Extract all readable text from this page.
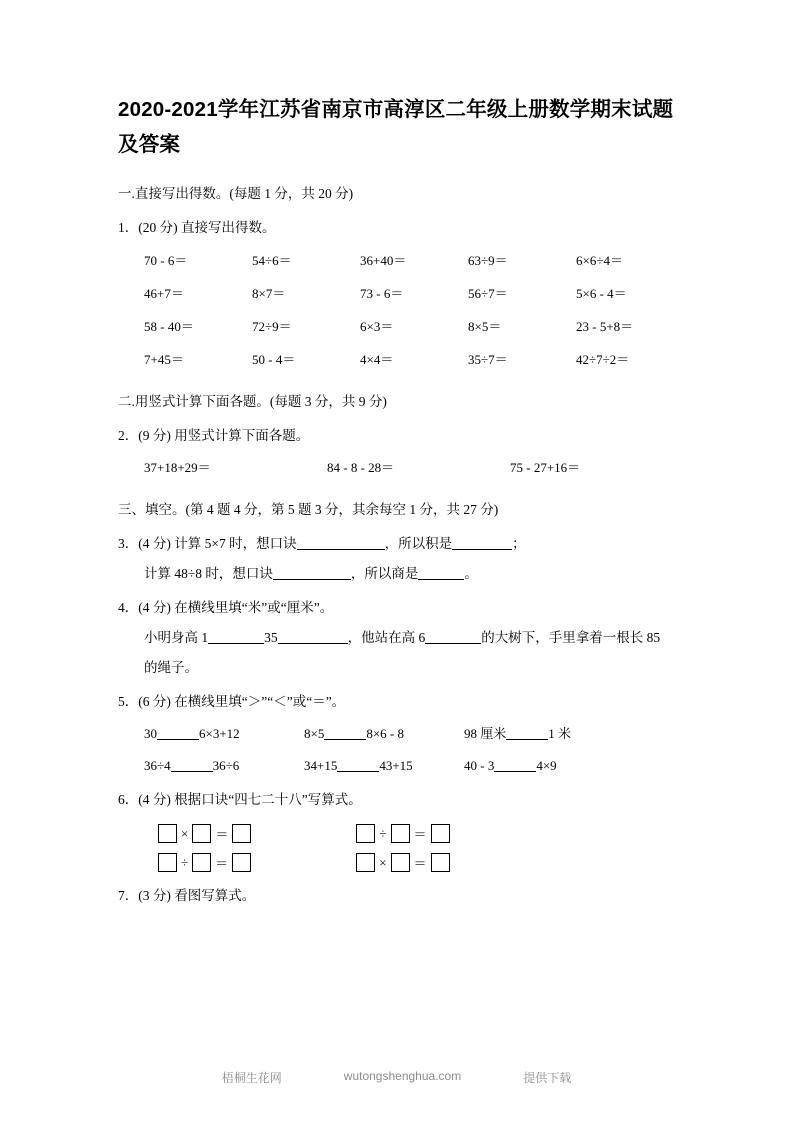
2020-2021学年江苏省南京市高淳区二年级上册数学期末试题及答案
一.直接写出得数。(每题 1 分，共 20 分)
1．(20 分) 直接写出得数。
70 - 6＝	54÷6＝	36+40＝	63÷9＝	6×6÷4＝
46+7＝	8×7＝	73 - 6＝	56÷7＝	5×6 - 4＝
58 - 40＝	72÷9＝	6×3＝	8×5＝	23 - 5+8＝
7+45＝	50 - 4＝	4×4＝	35÷7＝	42÷7÷2＝
二.用竖式计算下面各题。(每题 3 分，共 9 分)
2．(9 分) 用竖式计算下面各题。
37+18+29＝	84 - 8 - 28＝	75 - 27+16＝
三、填空。(第 4 题 4 分，第 5 题 3 分，其余每空 1 分，共 27 分)
3．(4 分) 计算 5×7 时，想口诀	，所以积是	；
计算 48÷8 时，想口诀	，所以商是	。
4．(4 分) 在横线里填“米”或“厘米”。
小明身高 1	35	，他站在高 6	的大树下，手里拿着一根长 85
的绳子。
5．(6 分) 在横线里填“＞”“＜”或“＝”。
30	6×3+12	8×5	8×6 - 8	98 厘米	1 米
36÷4	36÷6	34+15	43+15	40 - 3	4×9
6．(4 分) 根据口诀“四七二十八”写算式。
×	＝	÷	＝
÷	＝	×	＝
7．(3 分) 看图写算式。
梧桐生花网	wutongshenghua.com	提供下载
